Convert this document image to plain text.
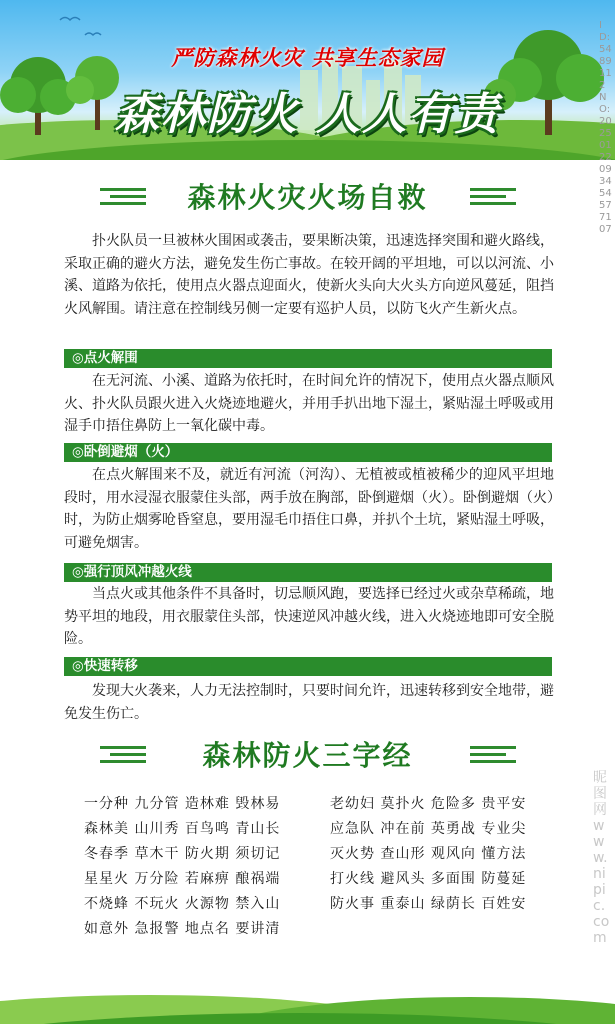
严防森林火灾 共享生态家园
森林防火 人人有责
ID:5489112 NO:20250122093454577107
森林火灾火场自救
扑火队员一旦被林火围困或袭击，要果断决策，迅速选择突围和避火路线，采取正确的避火方法，避免发生伤亡事故。在较开阔的平坦地，可以以河流、小溪、道路为依托，使用点火器点迎面火，使新火头向大火头方向逆风蔓延，阻挡火风解围。请注意在控制线另侧一定要有巡护人员，以防飞火产生新火点。
◎点火解围
在无河流、小溪、道路为依托时，在时间允许的情况下，使用点火器点顺风火、扑火队员跟火进入火烧迹地避火，并用手扒出地下湿土，紧贴湿土呼吸或用湿手巾捂住鼻防上一氧化碳中毒。
◎卧倒避烟（火）
在点火解围来不及，就近有河流（河沟）、无植被或植被稀少的迎风平坦地段时，用水浸湿衣服蒙住头部，两手放在胸部，卧倒避烟（火）。卧倒避烟（火）时，为防止烟雾呛昏窒息，要用湿毛巾捂住口鼻，并扒个土坑，紧贴湿土呼吸，可避免烟害。
◎强行顶风冲越火线
当点火或其他条件不具备时，切忌顺风跑，要选择已经过火或杂草稀疏，地势平坦的地段，用衣服蒙住头部，快速逆风冲越火线，进入火烧迹地即可安全脱险。
◎快速转移
发现大火袭来，人力无法控制时，只要时间允许，迅速转移到安全地带，避免发生伤亡。
森林防火三字经
一分种 九分管 造林难 毁林易
森林美 山川秀 百鸟鸣 青山长
冬春季 草木干 防火期 须切记
星星火 万分险 若麻痹 酿祸端
不烧蜂 不玩火 火源物 禁入山
如意外 急报警 地点名 要讲清
老幼妇 莫扑火 危险多 贵平安
应急队 冲在前 英勇战 专业尖
灭火势 查山形 观风向 懂方法
打火线 避风头 多面围 防蔓延
防火事 重泰山 绿荫长 百姓安
昵图网 www.nipic.com
